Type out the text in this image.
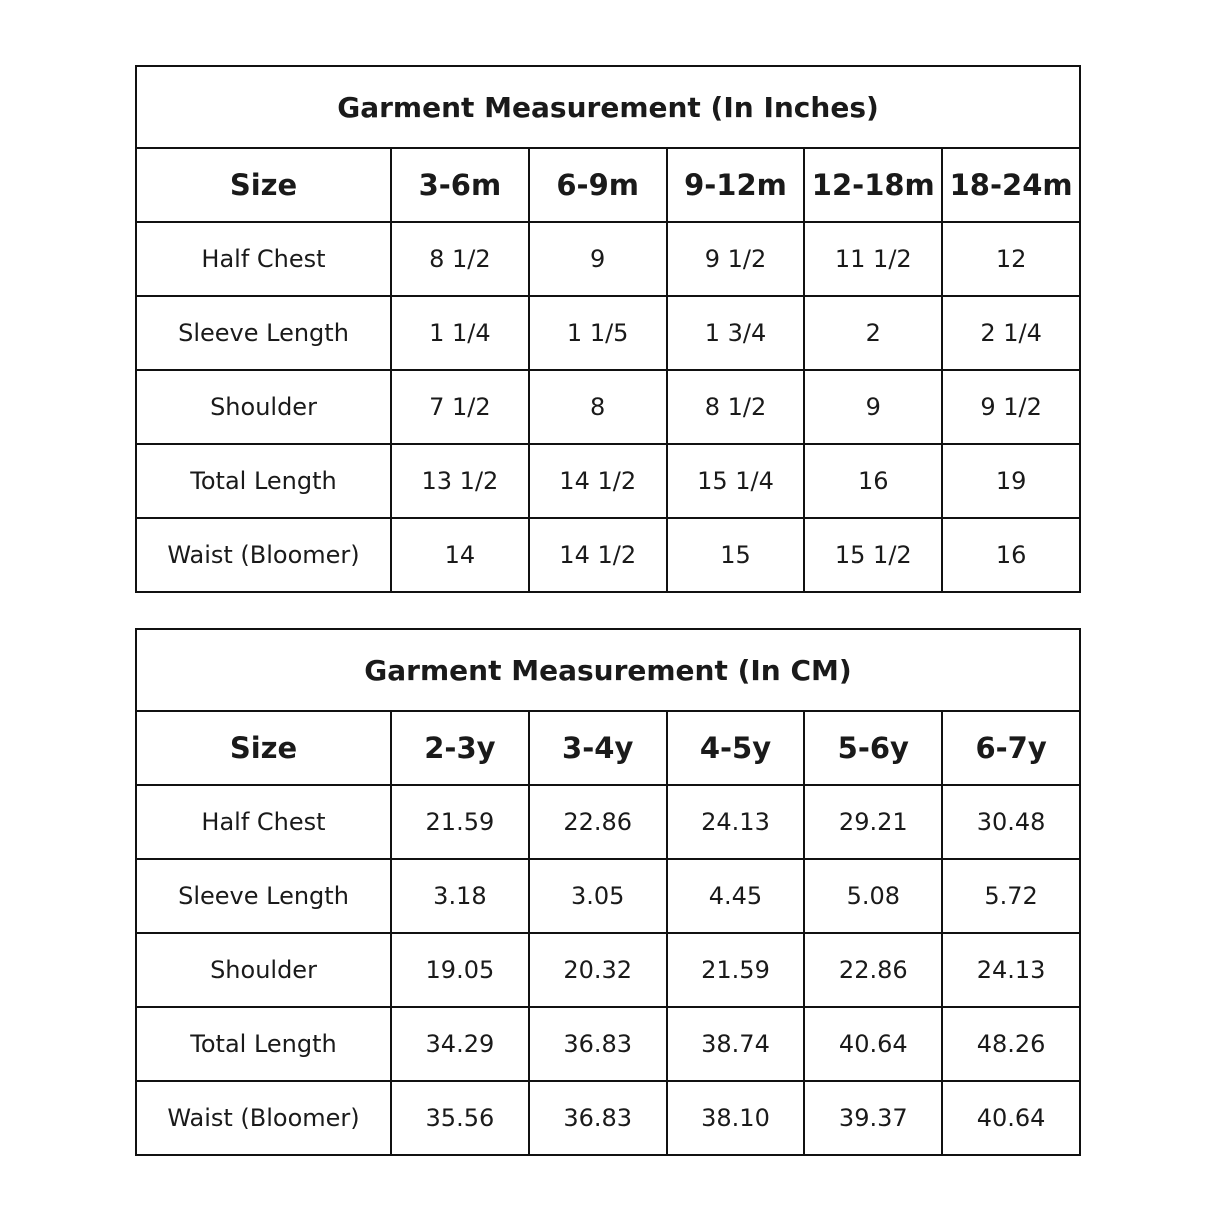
Garment Measurement (In Inches)					
Size	3-6m	6-9m	9-12m	12-18m	18-24m
Half Chest	8 1/2	9	9 1/2	11 1/2	12
Sleeve Length	1 1/4	1 1/5	1 3/4	2	2 1/4
Shoulder	7 1/2	8	8 1/2	9	9 1/2
Total Length	13 1/2	14 1/2	15 1/4	16	19
Waist (Bloomer)	14	14 1/2	15	15 1/2	16
Garment Measurement (In CM)					
Size	2-3y	3-4y	4-5y	5-6y	6-7y
Half Chest	21.59	22.86	24.13	29.21	30.48
Sleeve Length	3.18	3.05	4.45	5.08	5.72
Shoulder	19.05	20.32	21.59	22.86	24.13
Total Length	34.29	36.83	38.74	40.64	48.26
Waist (Bloomer)	35.56	36.83	38.10	39.37	40.64
